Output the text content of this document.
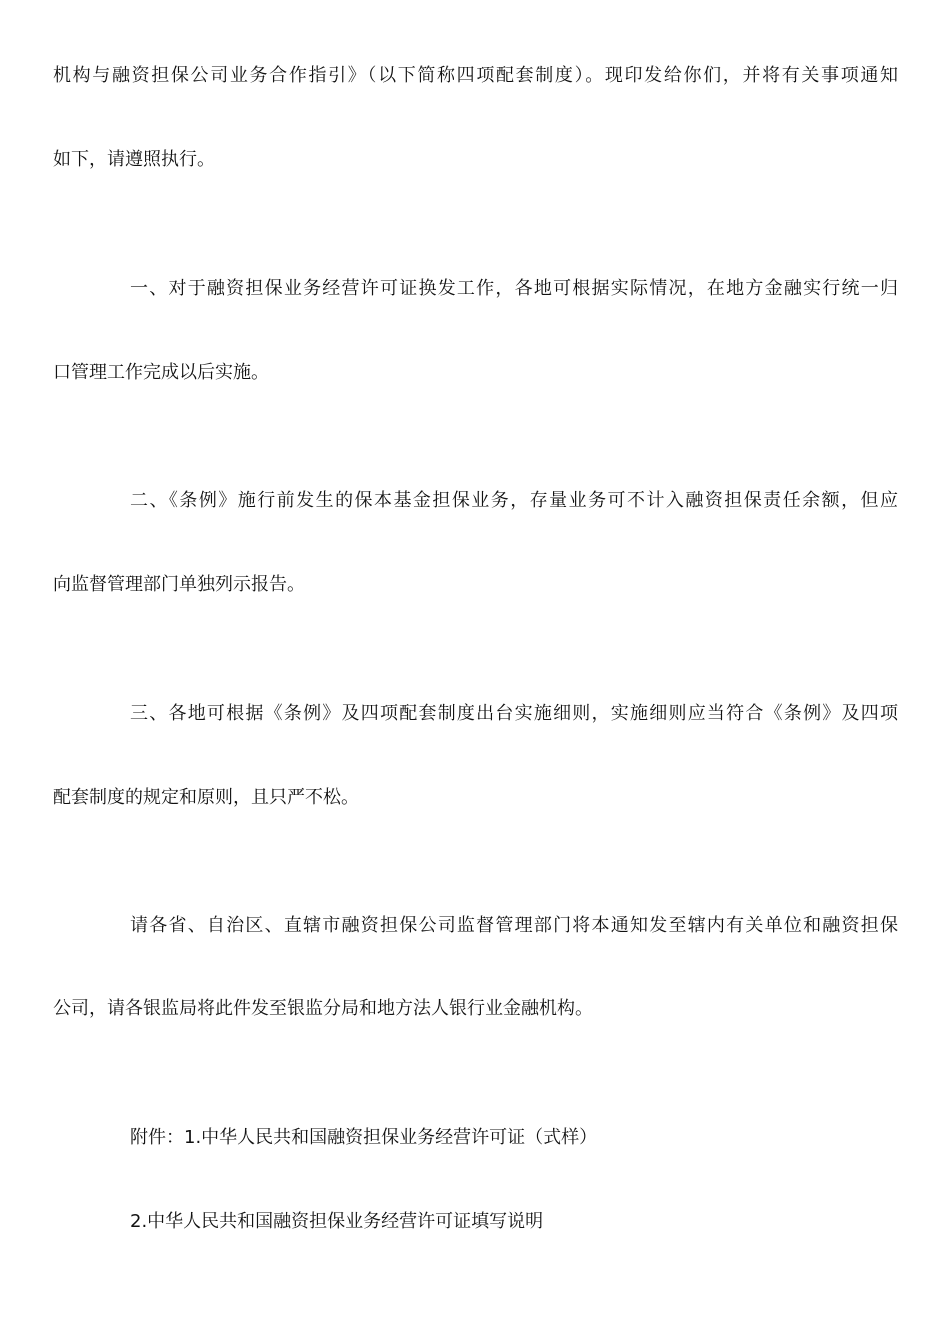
机构与融资担保公司业务合作指引》（以下简称四项配套制度）。现印发给你们，并将有关事项通知
如下，请遵照执行。
一、对于融资担保业务经营许可证换发工作，各地可根据实际情况，在地方金融实行统一归
口管理工作完成以后实施。
二、《条例》施行前发生的保本基金担保业务，存量业务可不计入融资担保责任余额，但应
向监督管理部门单独列示报告。
三、各地可根据《条例》及四项配套制度出台实施细则，实施细则应当符合《条例》及四项
配套制度的规定和原则，且只严不松。
请各省、自治区、直辖市融资担保公司监督管理部门将本通知发至辖内有关单位和融资担保
公司，请各银监局将此件发至银监分局和地方法人银行业金融机构。
附件：1.中华人民共和国融资担保业务经营许可证（式样）
2.中华人民共和国融资担保业务经营许可证填写说明
